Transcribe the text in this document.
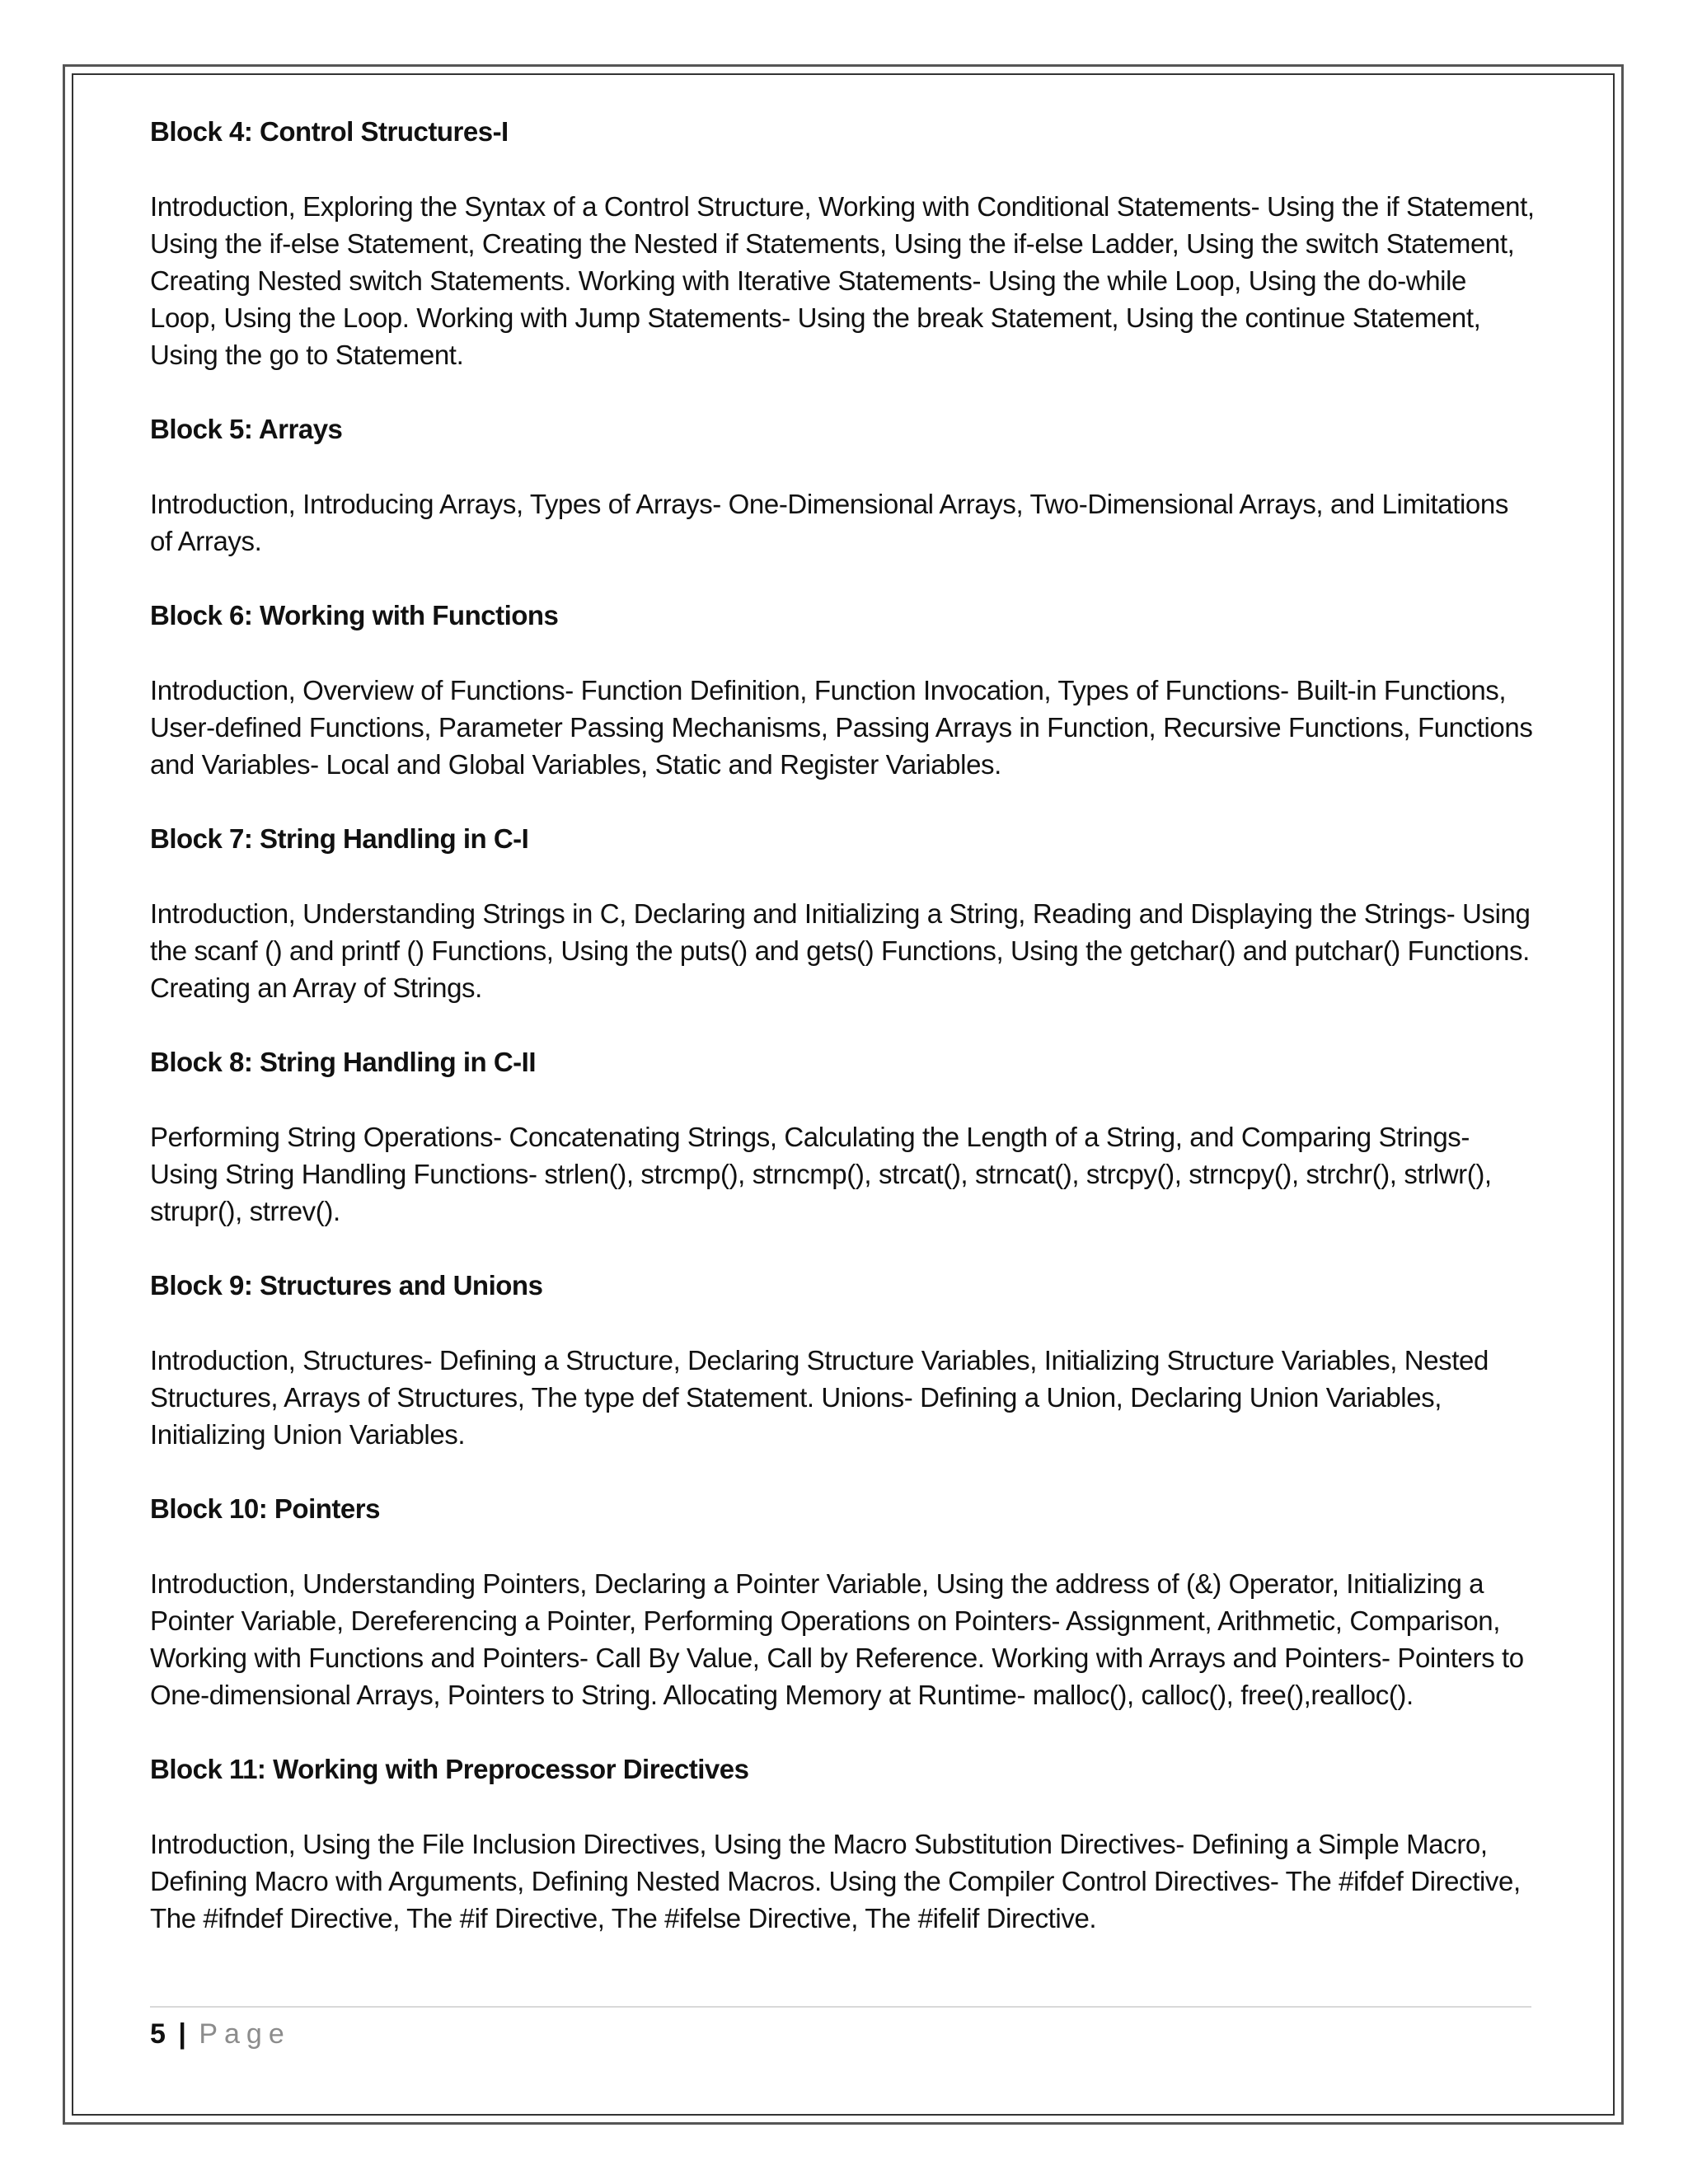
Block 4: Control Structures-I
Introduction, Exploring the Syntax of a Control Structure, Working with Conditional Statements- Using the if Statement, Using the if-else Statement, Creating the Nested if Statements, Using the if-else Ladder, Using the switch Statement, Creating Nested switch Statements. Working with Iterative Statements- Using the while Loop, Using the do-while Loop, Using the Loop. Working with Jump Statements- Using the break Statement, Using the continue Statement, Using the go to Statement.
Block 5: Arrays
Introduction, Introducing Arrays, Types of Arrays- One-Dimensional Arrays, Two-Dimensional Arrays, and Limitations of Arrays.
Block 6: Working with Functions
Introduction, Overview of Functions- Function Definition, Function Invocation, Types of Functions- Built-in Functions, User-defined Functions, Parameter Passing Mechanisms, Passing Arrays in Function, Recursive Functions, Functions and Variables- Local and Global Variables, Static and Register Variables.
Block 7: String Handling in C-I
Introduction, Understanding Strings in C, Declaring and Initializing a String, Reading and Displaying the Strings- Using the scanf () and printf () Functions, Using the puts() and gets() Functions, Using the getchar() and putchar() Functions. Creating an Array of Strings.
Block 8: String Handling in C-II
Performing String Operations- Concatenating Strings, Calculating the Length of a String, and Comparing Strings- Using String Handling Functions- strlen(), strcmp(), strncmp(), strcat(), strncat(), strcpy(), strncpy(), strchr(), strlwr(), strupr(), strrev().
Block 9: Structures and Unions
Introduction, Structures- Defining a Structure, Declaring Structure Variables, Initializing Structure Variables, Nested Structures, Arrays of Structures, The type def Statement. Unions- Defining a Union, Declaring Union Variables, Initializing Union Variables.
Block 10: Pointers
Introduction, Understanding Pointers, Declaring a Pointer Variable, Using the address of (&) Operator, Initializing a Pointer Variable, Dereferencing a Pointer, Performing Operations on Pointers- Assignment, Arithmetic, Comparison, Working with Functions and Pointers- Call By Value, Call by Reference. Working with Arrays and Pointers- Pointers to One-dimensional Arrays, Pointers to String. Allocating Memory at Runtime- malloc(), calloc(), free(),realloc().
Block 11: Working with Preprocessor Directives
Introduction, Using the File Inclusion Directives, Using the Macro Substitution Directives- Defining a Simple Macro, Defining Macro with Arguments, Defining Nested Macros. Using the Compiler Control Directives- The #ifdef Directive, The #ifndef Directive, The #if Directive, The #ifelse Directive, The #ifelif Directive.
5 | Page
